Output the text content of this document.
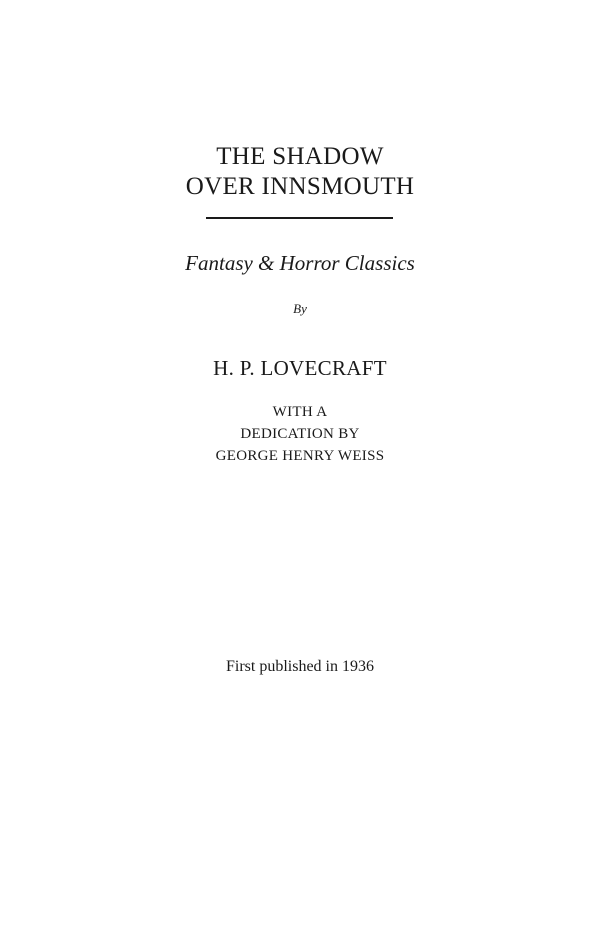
THE SHADOW
OVER INNSMOUTH
Fantasy & Horror Classics
By
H. P. LOVECRAFT
WITH A
DEDICATION BY
GEORGE HENRY WEISS
First published in 1936
